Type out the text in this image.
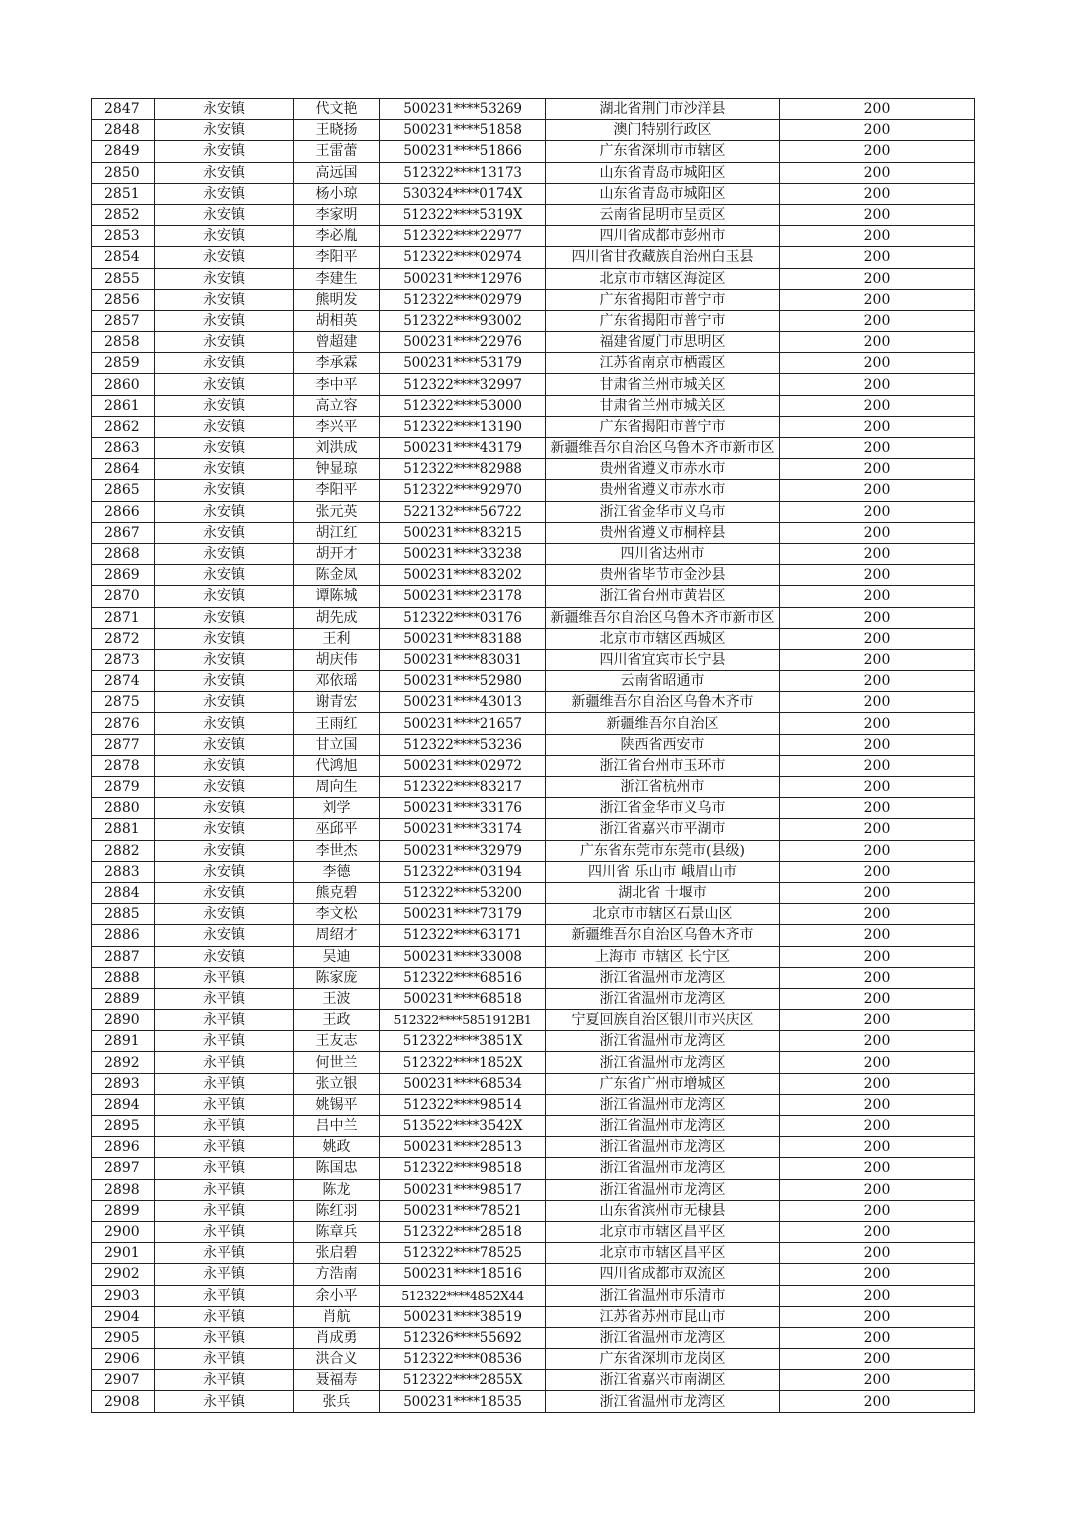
2847	永安镇	代文艳	500231****53269	湖北省荆门市沙洋县	200
2848	永安镇	王晓扬	500231****51858	澳门特别行政区	200
2849	永安镇	王雷蕾	500231****51866	广东省深圳市市辖区	200
2850	永安镇	高远国	512322****13173	山东省青岛市城阳区	200
2851	永安镇	杨小琼	530324****0174X	山东省青岛市城阳区	200
2852	永安镇	李家明	512322****5319X	云南省昆明市呈贡区	200
2853	永安镇	李必胤	512322****22977	四川省成都市彭州市	200
2854	永安镇	李阳平	512322****02974	四川省甘孜藏族自治州白玉县	200
2855	永安镇	李建生	500231****12976	北京市市辖区海淀区	200
2856	永安镇	熊明发	512322****02979	广东省揭阳市普宁市	200
2857	永安镇	胡相英	512322****93002	广东省揭阳市普宁市	200
2858	永安镇	曾超建	500231****22976	福建省厦门市思明区	200
2859	永安镇	李承霖	500231****53179	江苏省南京市栖霞区	200
2860	永安镇	李中平	512322****32997	甘肃省兰州市城关区	200
2861	永安镇	高立容	512322****53000	甘肃省兰州市城关区	200
2862	永安镇	李兴平	512322****13190	广东省揭阳市普宁市	200
2863	永安镇	刘洪成	500231****43179	新疆维吾尔自治区乌鲁木齐市新市区	200
2864	永安镇	钟显琼	512322****82988	贵州省遵义市赤水市	200
2865	永安镇	李阳平	512322****92970	贵州省遵义市赤水市	200
2866	永安镇	张元英	522132****56722	浙江省金华市义乌市	200
2867	永安镇	胡江红	500231****83215	贵州省遵义市桐梓县	200
2868	永安镇	胡开才	500231****33238	四川省达州市	200
2869	永安镇	陈金凤	500231****83202	贵州省毕节市金沙县	200
2870	永安镇	谭陈城	500231****23178	浙江省台州市黄岩区	200
2871	永安镇	胡先成	512322****03176	新疆维吾尔自治区乌鲁木齐市新市区	200
2872	永安镇	王利	500231****83188	北京市市辖区西城区	200
2873	永安镇	胡庆伟	500231****83031	四川省宜宾市长宁县	200
2874	永安镇	邓依瑶	500231****52980	云南省昭通市	200
2875	永安镇	谢青宏	500231****43013	新疆维吾尔自治区乌鲁木齐市	200
2876	永安镇	王雨红	500231****21657	新疆维吾尔自治区	200
2877	永安镇	甘立国	512322****53236	陕西省西安市	200
2878	永安镇	代鸿旭	500231****02972	浙江省台州市玉环市	200
2879	永安镇	周向生	512322****83217	浙江省杭州市	200
2880	永安镇	刘学	500231****33176	浙江省金华市义乌市	200
2881	永安镇	巫邱平	500231****33174	浙江省嘉兴市平湖市	200
2882	永安镇	李世杰	500231****32979	广东省东莞市东莞市(县级)	200
2883	永安镇	李德	512322****03194	四川省 乐山市 峨眉山市	200
2884	永安镇	熊克碧	512322****53200	湖北省 十堰市	200
2885	永安镇	李文松	500231****73179	北京市市辖区石景山区	200
2886	永安镇	周绍才	512322****63171	新疆维吾尔自治区乌鲁木齐市	200
2887	永安镇	吴迪	500231****33008	上海市 市辖区 长宁区	200
2888	永平镇	陈家庞	512322****68516	浙江省温州市龙湾区	200
2889	永平镇	王波	500231****68518	浙江省温州市龙湾区	200
2890	永平镇	王政	512322****5851912B1	宁夏回族自治区银川市兴庆区	200
2891	永平镇	王友志	512322****3851X	浙江省温州市龙湾区	200
2892	永平镇	何世兰	512322****1852X	浙江省温州市龙湾区	200
2893	永平镇	张立银	500231****68534	广东省广州市增城区	200
2894	永平镇	姚锡平	512322****98514	浙江省温州市龙湾区	200
2895	永平镇	吕中兰	513522****3542X	浙江省温州市龙湾区	200
2896	永平镇	姚政	500231****28513	浙江省温州市龙湾区	200
2897	永平镇	陈国忠	512322****98518	浙江省温州市龙湾区	200
2898	永平镇	陈龙	500231****98517	浙江省温州市龙湾区	200
2899	永平镇	陈红羽	500231****78521	山东省滨州市无棣县	200
2900	永平镇	陈章兵	512322****28518	北京市市辖区昌平区	200
2901	永平镇	张启碧	512322****78525	北京市市辖区昌平区	200
2902	永平镇	方浩南	500231****18516	四川省成都市双流区	200
2903	永平镇	余小平	512322****4852X44	浙江省温州市乐清市	200
2904	永平镇	肖航	500231****38519	江苏省苏州市昆山市	200
2905	永平镇	肖成勇	512326****55692	浙江省温州市龙湾区	200
2906	永平镇	洪合义	512322****08536	广东省深圳市龙岗区	200
2907	永平镇	聂福寿	512322****2855X	浙江省嘉兴市南湖区	200
2908	永平镇	张兵	500231****18535	浙江省温州市龙湾区	200
